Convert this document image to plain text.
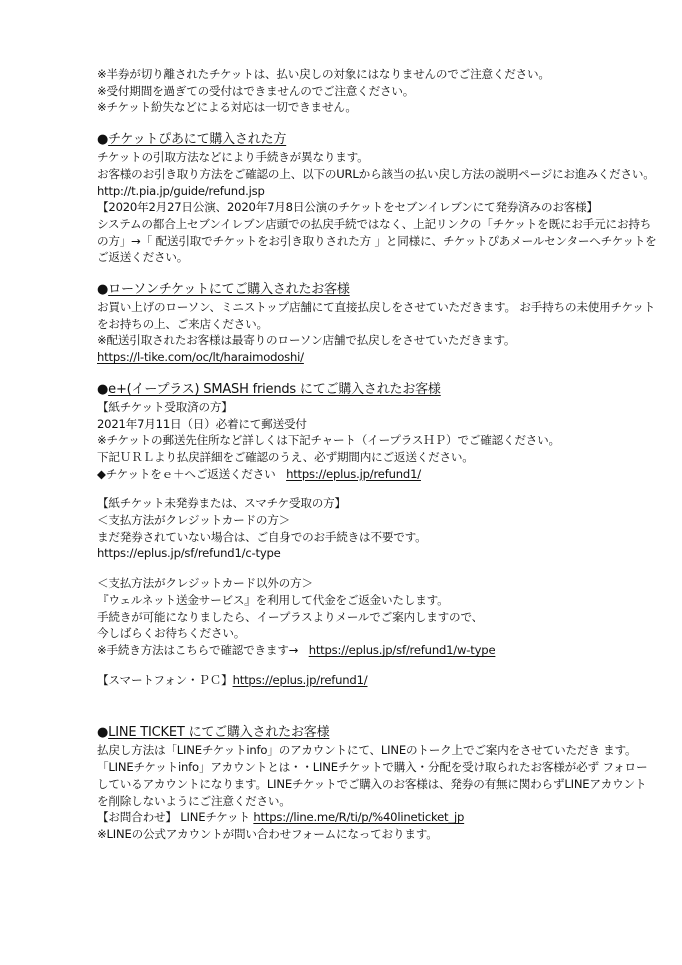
※半券が切り離されたチケットは、払い戻しの対象にはなりませんのでご注意ください。
※受付期間を過ぎての受付はできませんのでご注意ください。
※チケット紛失などによる対応は一切できません。
●チケットぴあにて購入された方
チケットの引取方法などにより手続きが異なります。
お客様のお引き取り方法をご確認の上、以下のURLから該当の払い戻し方法の説明ページにお進みください。
http://t.pia.jp/guide/refund.jsp
【2020年2月27日公演、2020年7月8日公演のチケットをセブンイレブンにて発券済みのお客様】
システムの都合上セブンイレブン店頭での払戻手続ではなく、上記リンクの「チケットを既にお手元にお持ちの方」→「 配送引取でチケットをお引き取りされた方 」と同様に、チケットぴあメールセンターへチケットをご返送ください。
●ローソンチケットにてご購入されたお客様
お買い上げのローソン、ミニストップ店舗にて直接払戻しをさせていただきます。 お手持ちの未使用チケットをお持ちの上、ご来店ください。
※配送引取されたお客様は最寄りのローソン店舗で払戻しをさせていただきます。
https://l-tike.com/oc/lt/haraimodoshi/
●e+(イープラス) SMASH friends にてご購入されたお客様
【紙チケット受取済の方】
2021年7月11日（日）必着にて郵送受付
※チケットの郵送先住所など詳しくは下記チャート（イープラスＨＰ）でご確認ください。
下記ＵＲＬより払戻詳細をご確認のうえ、必ず期間内にご返送ください。
◆チケットをｅ＋へご返送ください https://eplus.jp/refund1/
【紙チケット未発券または、スマチケ受取の方】
＜支払方法がクレジットカードの方＞
まだ発券されていない場合は、ご自身でのお手続きは不要です。
https://eplus.jp/sf/refund1/c-type
＜支払方法がクレジットカード以外の方＞
『ウェルネット送金サービス』を利用して代金をご返金いたします。
手続きが可能になりましたら、イープラスよりメールでご案内しますので、
今しばらくお待ちください。
※手続き方法はこちらで確認できます→ https://eplus.jp/sf/refund1/w-type
【スマートフォン・ＰＣ】https://eplus.jp/refund1/
●LINE TICKET にてご購入されたお客様
払戻し方法は「LINEチケットinfo」のアカウントにて、LINEのトーク上でご案内をさせていただき ます。
「LINEチケットinfo」アカウントとは・・LINEチケットで購入・分配を受け取られたお客様が必ず フォローしているアカウントになります。LINEチケットでご購入のお客様は、発券の有無に関わらずLINEアカウントを削除しないようにご注意ください。
【お問合わせ】 LINEチケット https://line.me/R/ti/p/%40lineticket_jp
※LINEの公式アカウントが問い合わせフォームになっております。
